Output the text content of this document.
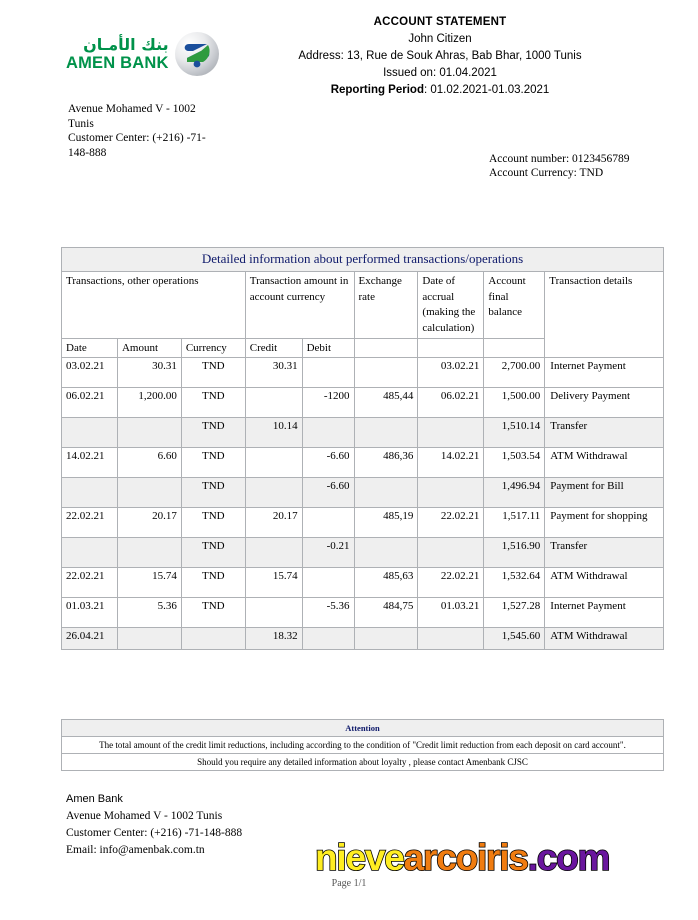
بنك الأمـان
AMEN BANK
ACCOUNT STATEMENT
John Citizen
Address: 13, Rue de Souk Ahras, Bab Bhar, 1000 Tunis
Issued on: 01.04.2021
Reporting Period: 01.02.2021-01.03.2021
Avenue Mohamed V - 1002
Tunis
Customer Center: (+216) -71-
148-888
Account number: 0123456789
Account Currency: TND
Detailed information about performed transactions/operations								
Transactions, other operations			Transaction amount in account currency		Exchange rate	Date of accrual (making the calculation)	Account final balance	Transaction details

Date	Amount	Currency	Credit	Debit				
03.02.21	30.31	TND	30.31			03.02.21	2,700.00	Internet Payment
06.02.21	1,200.00	TND		-1200	485,44	06.02.21	1,500.00	Delivery Payment
		TND	10.14				1,510.14	Transfer
14.02.21	6.60	TND		-6.60	486,36	14.02.21	1,503.54	ATM Withdrawal
		TND		-6.60			1,496.94	Payment for Bill
22.02.21	20.17	TND	20.17		485,19	22.02.21	1,517.11	Payment for shopping
		TND		-0.21			1,516.90	Transfer
22.02.21	15.74	TND	15.74		485,63	22.02.21	1,532.64	ATM Withdrawal
01.03.21	5.36	TND		-5.36	484,75	01.03.21	1,527.28	Internet Payment
26.04.21			18.32				1,545.60	ATM Withdrawal
Attention
The total amount of the credit limit reductions, including according to the condition of "Credit limit reduction from each deposit on card account".
Should you require any detailed information about loyalty , please contact Amenbank CJSC
Amen Bank
Avenue Mohamed V - 1002 Tunis
Customer Center: (+216) -71-148-888
Email: info@amenbak.com.tn	nievearcoiris.com
Page 1/1
